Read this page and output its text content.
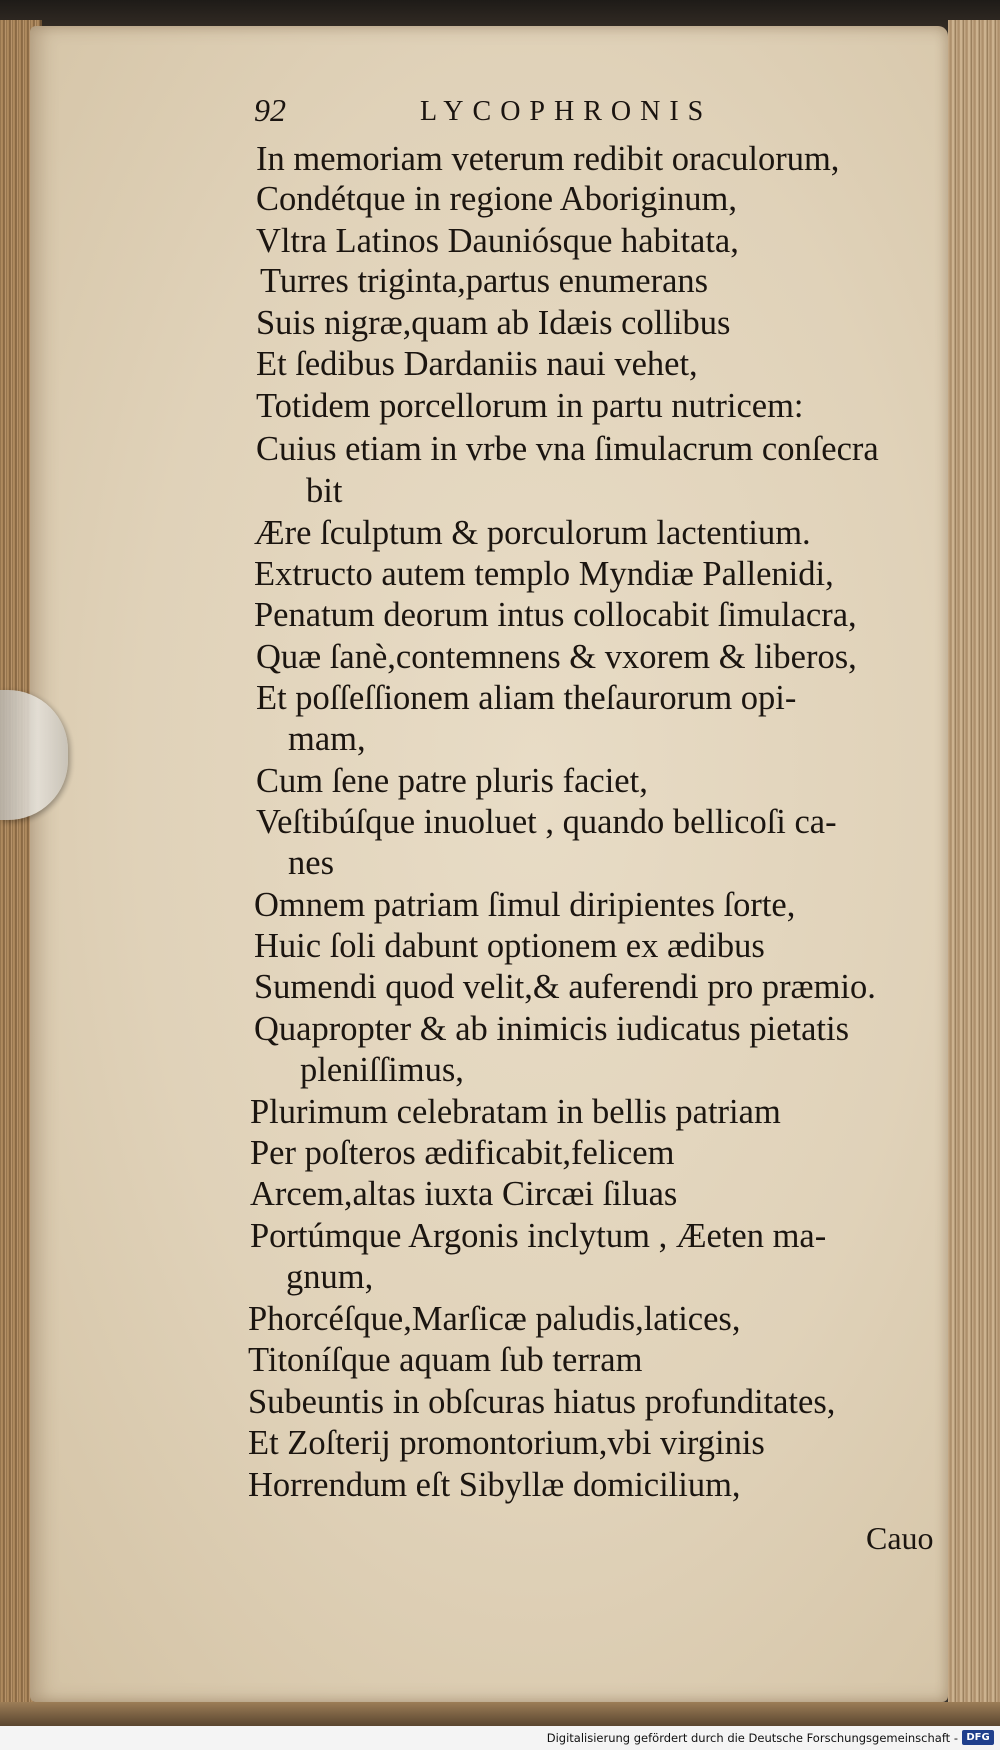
92	LYCOPHRONIS
In memoriam veterum redibit oraculorum,
Condétque in regione Aboriginum,
Vltra Latinos Dauniósque habitata,
Turres triginta,partus enumerans
Suis nigræ,quam ab Idæis collibus
Et ſedibus Dardaniis naui vehet,
Totidem porcellorum in partu nutricem:
Cuius etiam in vrbe vna ſimulacrum conſecra
bit
Ære ſculptum & porculorum lactentium.
Extructo autem templo Myndiæ Pallenidi,
Penatum deorum intus collocabit ſimulacra,
Quæ ſanè,contemnens & vxorem & liberos,
Et poſſeſſionem aliam theſaurorum opi-
mam,
Cum ſene patre pluris faciet,
Veſtibúſque inuoluet , quando bellicoſi ca-
nes
Omnem patriam ſimul diripientes ſorte,
Huic ſoli dabunt optionem ex ædibus
Sumendi quod velit,& auferendi pro præmio.
Quapropter & ab inimicis iudicatus pietatis
pleniſſimus,
Plurimum celebratam in bellis patriam
Per poſteros ædificabit,felicem
Arcem,altas iuxta Circæi ſiluas
Portúmque Argonis inclytum , Æeten ma-
gnum,
Phorcéſque,Marſicæ paludis,latices,
Titoníſque aquam ſub terram
Subeuntis in obſcuras hiatus profunditates,
Et Zoſterij promontorium,vbi virginis
Horrendum eſt Sibyllæ domicilium,
Cauo
Digitalisierung gefördert durch die Deutsche Forschungsgemeinschaft - DFG
